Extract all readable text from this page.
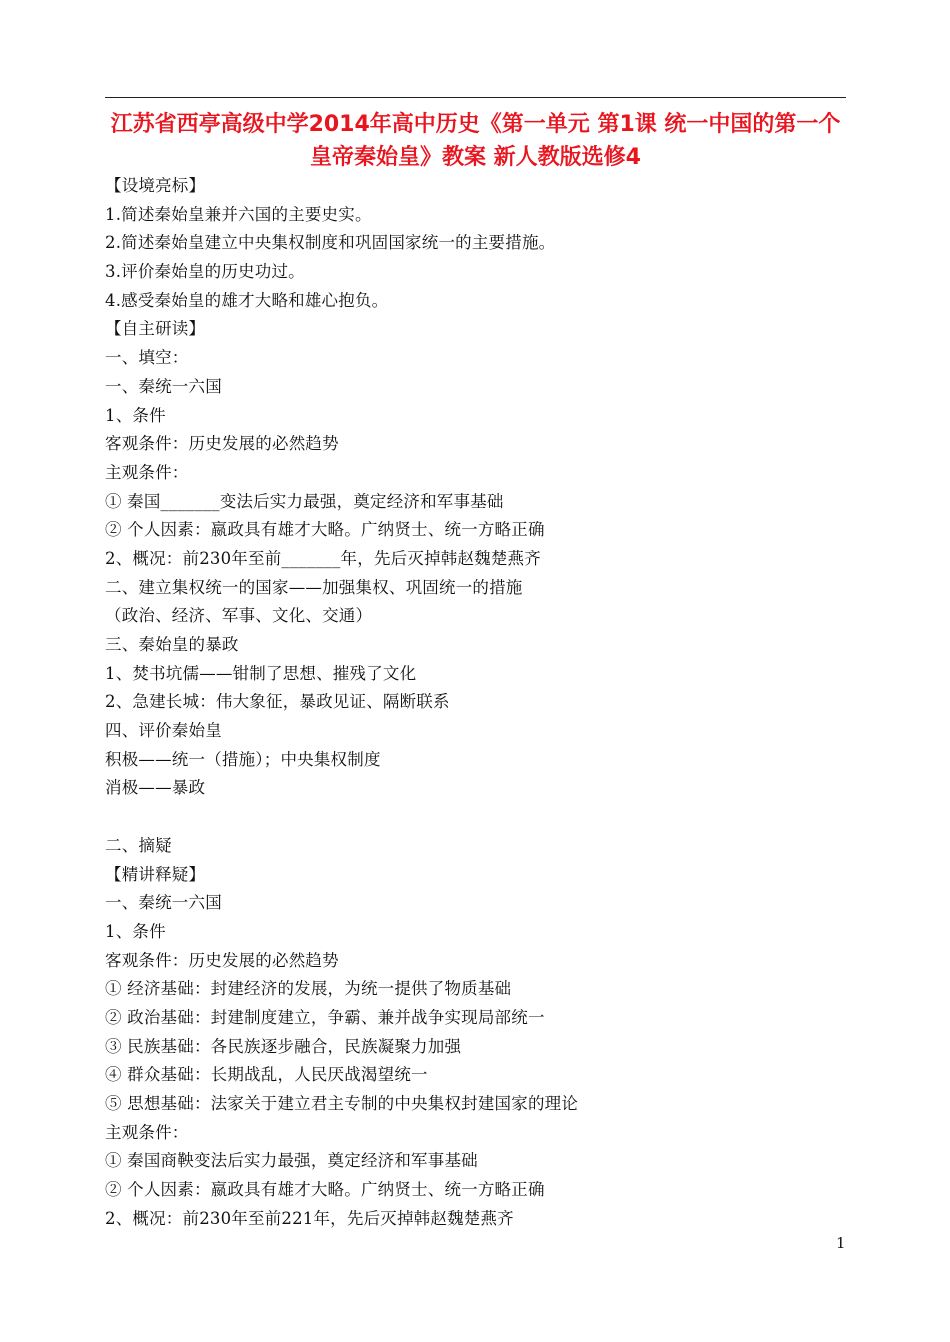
江苏省西亭高级中学2014年高中历史《第一单元 第1课 统一中国的第一个皇帝秦始皇》教案 新人教版选修4
【设境亮标】
1.简述秦始皇兼并六国的主要史实。
2.简述秦始皇建立中央集权制度和巩固国家统一的主要措施。
3.评价秦始皇的历史功过。
4.感受秦始皇的雄才大略和雄心抱负。
【自主研读】
一、填空：
一、秦统一六国
1、条件
客观条件：历史发展的必然趋势
主观条件：
① 秦国_______变法后实力最强，奠定经济和军事基础
② 个人因素：嬴政具有雄才大略。广纳贤士、统一方略正确
2、概况：前230年至前_______年，先后灭掉韩赵魏楚燕齐
二、建立集权统一的国家——加强集权、巩固统一的措施
（政治、经济、军事、文化、交通）
三、秦始皇的暴政
1、焚书坑儒——钳制了思想、摧残了文化
2、急建长城：伟大象征，暴政见证、隔断联系
四、评价秦始皇
积极——统一（措施）；中央集权制度
消极——暴政
二、摘疑
【精讲释疑】
一、秦统一六国
1、条件
客观条件：历史发展的必然趋势
① 经济基础：封建经济的发展，为统一提供了物质基础
② 政治基础：封建制度建立，争霸、兼并战争实现局部统一
③ 民族基础：各民族逐步融合，民族凝聚力加强
④ 群众基础：长期战乱，人民厌战渴望统一
⑤ 思想基础：法家关于建立君主专制的中央集权封建国家的理论
主观条件：
① 秦国商鞅变法后实力最强，奠定经济和军事基础
② 个人因素：嬴政具有雄才大略。广纳贤士、统一方略正确
2、概况：前230年至前221年，先后灭掉韩赵魏楚燕齐
1
